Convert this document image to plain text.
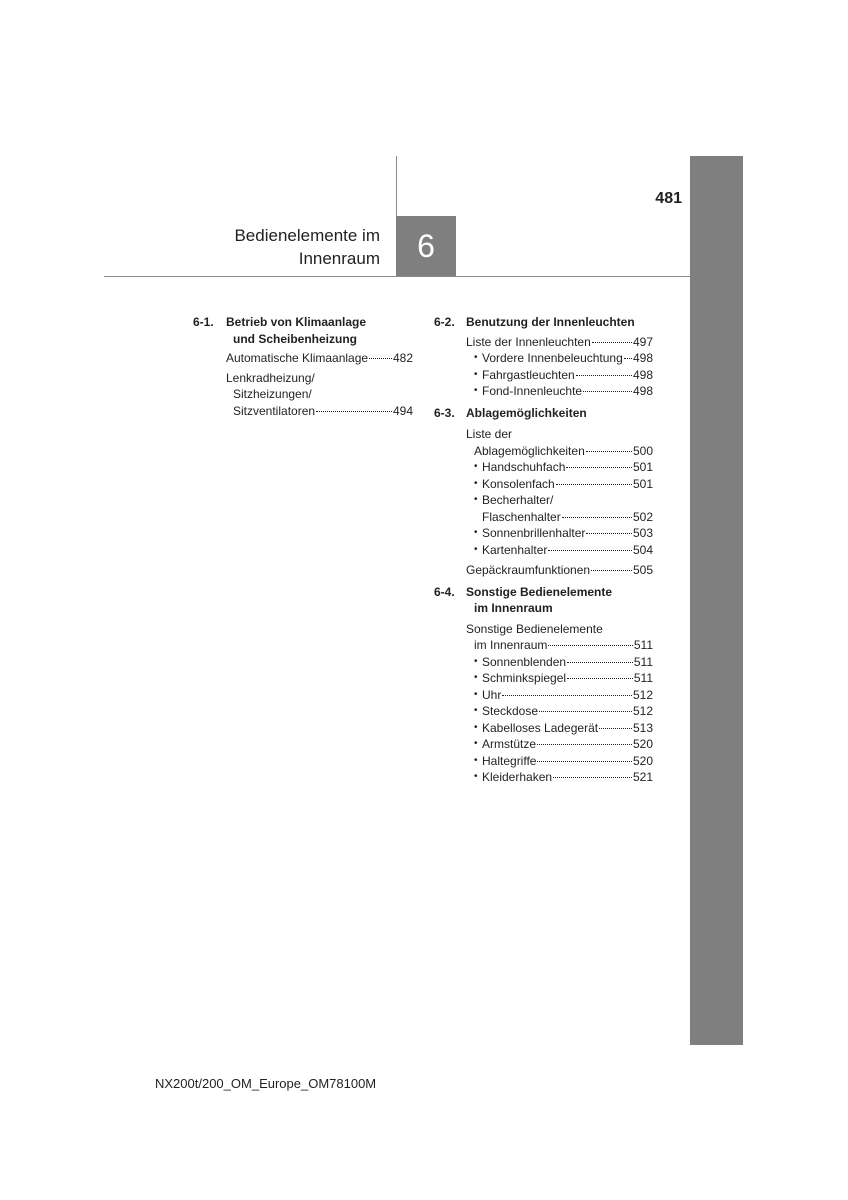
481
Bedienelemente im
Innenraum	6
6-1. Betrieb von Klimaanlage
und Scheibenheizung
Automatische Klimaanlage 482
Lenkradheizung/
Sitzheizungen/
Sitzventilatoren	494
6-2. Benutzung der Innenleuchten
Liste der Innenleuchten	497
• Vordere Innenbeleuchtung 498
• Fahrgastleuchten	498
• Fond-Innenleuchte	498
6-3. Ablagemöglichkeiten
Liste der
Ablagemöglichkeiten	500
• Handschuhfach	501
• Konsolenfach	501
• Becherhalter/
Flaschenhalter	502
• Sonnenbrillenhalter	503
• Kartenhalter	504
Gepäckraumfunktionen	505
6-4. Sonstige Bedienelemente
im Innenraum
Sonstige Bedienelemente
im Innenraum	511
• Sonnenblenden	511
• Schminkspiegel	511
• Uhr	512
• Steckdose	512
• Kabelloses Ladegerät	513
• Armstütze	520
• Haltegriffe	520
• Kleiderhaken	521
NX200t/200_OM_Europe_OM78100M
